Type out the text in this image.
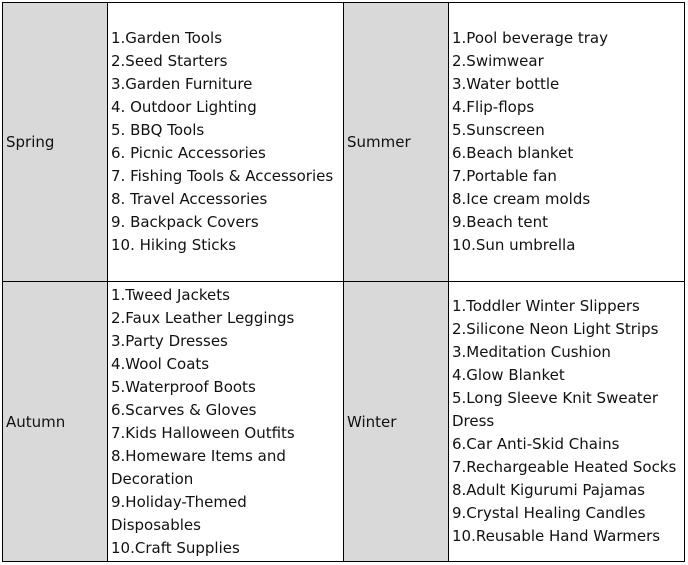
Spring
1.Garden Tools
2.Seed Starters
3.Garden Furniture
4. Outdoor Lighting
5. BBQ Tools
6. Picnic Accessories
7. Fishing Tools & Accessories
8. Travel Accessories
9. Backpack Covers
10. Hiking Sticks
Summer
1.Pool beverage tray
2.Swimwear
3.Water bottle
4.Flip-flops
5.Sunscreen
6.Beach blanket
7.Portable fan
8.Ice cream molds
9.Beach tent
10.Sun umbrella
Autumn
1.Tweed Jackets
2.Faux Leather Leggings
3.Party Dresses
4.Wool Coats
5.Waterproof Boots
6.Scarves & Gloves
7.Kids Halloween Outfits
8.Homeware Items and Decoration
9.Holiday-Themed Disposables
10.Craft Supplies
Winter
1.Toddler Winter Slippers
2.Silicone Neon Light Strips
3.Meditation Cushion
4.Glow Blanket
5.Long Sleeve Knit Sweater Dress
6.Car Anti-Skid Chains
7.Rechargeable Heated Socks
8.Adult Kigurumi Pajamas
9.Crystal Healing Candles
10.Reusable Hand Warmers
